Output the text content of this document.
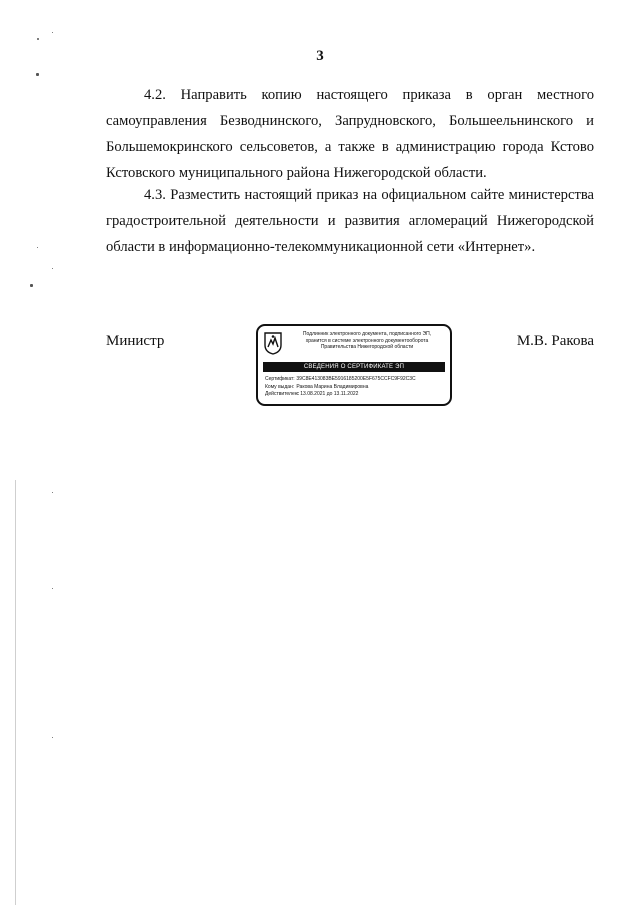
3

4.2. Направить копию настоящего приказа в орган местного самоуправления Безводнинского, Запрудновского, Большеельнинского и Большемокринского сельсоветов, а также в администрацию города Кстово Кстовского муниципального района Нижегородской области.

4.3. Разместить настоящий приказ на официальном сайте министерства градостроительной деятельности и развития агломераций Нижегородской области в информационно-телекоммуникационной сети «Интернет».

Министр	Подлинник электронного документа, подписанного ЭП,
хранится в системе электронного документооборота
Правительства Нижегородской области
СВЕДЕНИЯ О СЕРТИФИКАТЕ ЭП
Сертификат: 39C8E413083BE5916185200E5F675CCFC9F92C3C
Кому выдан: Ракова Марина Владимировна
Действителен: с 13.08.2021 до 13.11.2022
М.В. Ракова
